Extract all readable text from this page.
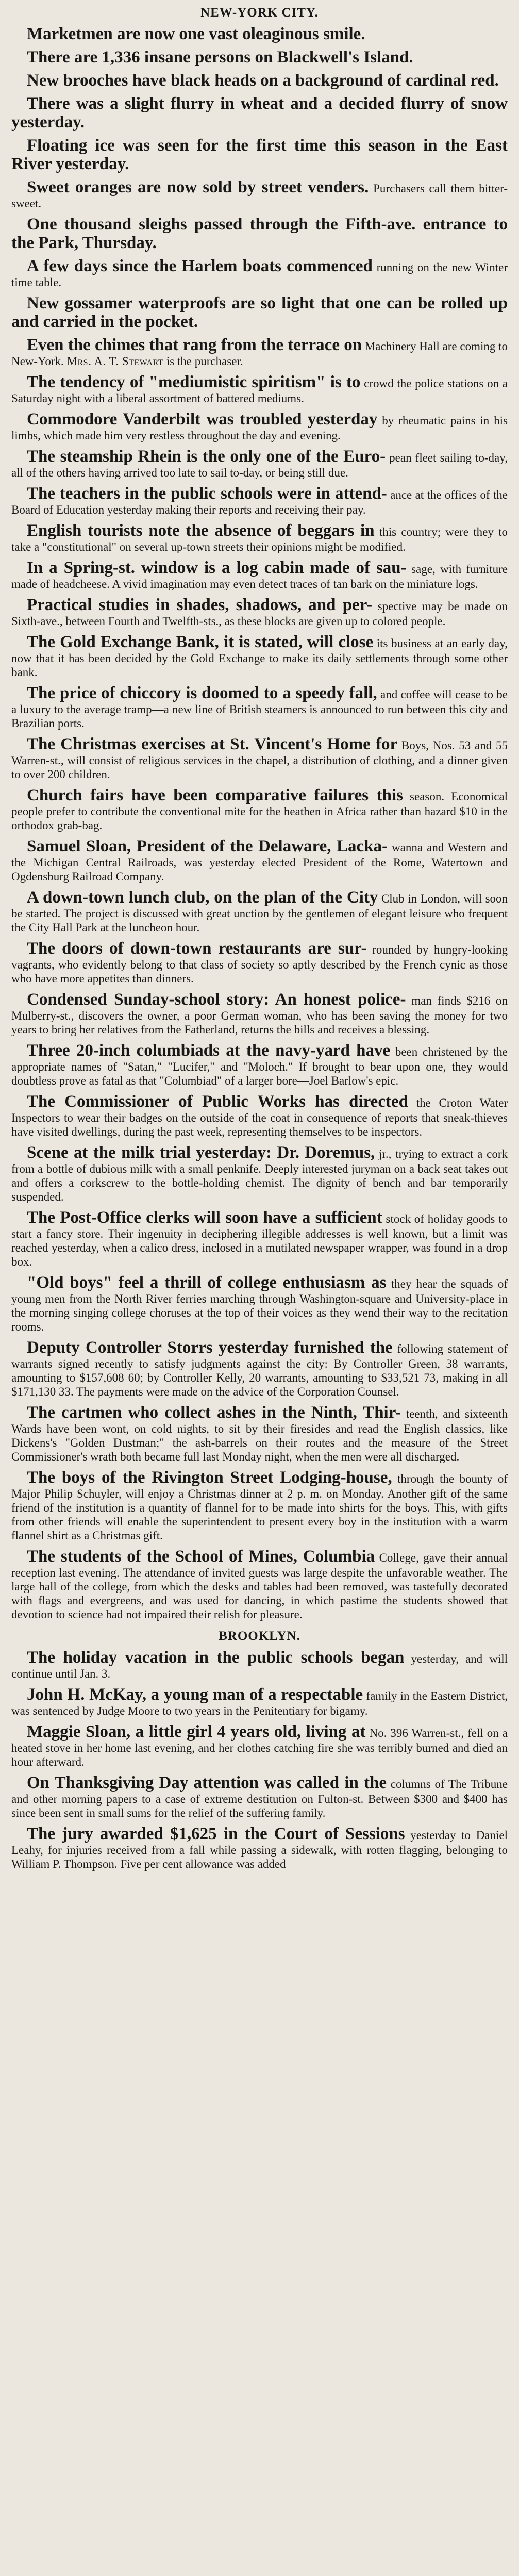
NEW-YORK CITY.

Marketmen are now one vast oleaginous smile.

There are 1,336 insane persons on Blackwell's Island.

New brooches have black heads on a background of cardinal red.

There was a slight flurry in wheat and a decided flurry of snow yesterday.

Floating ice was seen for the first time this season in the East River yesterday.

Sweet oranges are now sold by street venders. Purchasers call them bitter-sweet.

One thousand sleighs passed through the Fifth-ave. entrance to the Park, Thursday.

A few days since the Harlem boats commenced running on the new Winter time table.

New gossamer waterproofs are so light that one can be rolled up and carried in the pocket.

Even the chimes that rang from the terrace on Machinery Hall are coming to New-York. Mrs. A. T. Stewart is the purchaser.

The tendency of "mediumistic spiritism" is to crowd the police stations on a Saturday night with a liberal assortment of battered mediums.

Commodore Vanderbilt was troubled yesterday by rheumatic pains in his limbs, which made him very restless throughout the day and evening.

The steamship Rhein is the only one of the Euro- pean fleet sailing to-day, all of the others having arrived too late to sail to-day, or being still due.

The teachers in the public schools were in attend- ance at the offices of the Board of Education yesterday making their reports and receiving their pay.

English tourists note the absence of beggars in this country; were they to take a "constitutional" on several up-town streets their opinions might be modified.

In a Spring-st. window is a log cabin made of sau- sage, with furniture made of headcheese. A vivid imagination may even detect traces of tan bark on the miniature logs.

Practical studies in shades, shadows, and per- spective may be made on Sixth-ave., between Fourth and Twelfth-sts., as these blocks are given up to colored people.

The Gold Exchange Bank, it is stated, will close its business at an early day, now that it has been decided by the Gold Exchange to make its daily settlements through some other bank.

The price of chiccory is doomed to a speedy fall, and coffee will cease to be a luxury to the average tramp—a new line of British steamers is announced to run between this city and Brazilian ports.

The Christmas exercises at St. Vincent's Home for Boys, Nos. 53 and 55 Warren-st., will consist of religious services in the chapel, a distribution of clothing, and a dinner given to over 200 children.

Church fairs have been comparative failures this season. Economical people prefer to contribute the conventional mite for the heathen in Africa rather than hazard $10 in the orthodox grab-bag.

Samuel Sloan, President of the Delaware, Lacka- wanna and Western and the Michigan Central Railroads, was yesterday elected President of the Rome, Watertown and Ogdensburg Railroad Company.

A down-town lunch club, on the plan of the City Club in London, will soon be started. The project is discussed with great unction by the gentlemen of elegant leisure who frequent the City Hall Park at the luncheon hour.

The doors of down-town restaurants are sur- rounded by hungry-looking vagrants, who evidently belong to that class of society so aptly described by the French cynic as those who have more appetites than dinners.

Condensed Sunday-school story: An honest police- man finds $216 on Mulberry-st., discovers the owner, a poor German woman, who has been saving the money for two years to bring her relatives from the Fatherland, returns the bills and receives a blessing.

Three 20-inch columbiads at the navy-yard have been christened by the appropriate names of "Satan," "Lucifer," and "Moloch." If brought to bear upon one, they would doubtless prove as fatal as that "Columbiad" of a larger bore—Joel Barlow's epic.

The Commissioner of Public Works has directed the Croton Water Inspectors to wear their badges on the outside of the coat in consequence of reports that sneak-thieves have visited dwellings, during the past week, representing themselves to be inspectors.

Scene at the milk trial yesterday: Dr. Doremus, jr., trying to extract a cork from a bottle of dubious milk with a small penknife. Deeply interested juryman on a back seat takes out and offers a corkscrew to the bottle-holding chemist. The dignity of bench and bar temporarily suspended.

The Post-Office clerks will soon have a sufficient stock of holiday goods to start a fancy store. Their ingenuity in deciphering illegible addresses is well known, but a limit was reached yesterday, when a calico dress, inclosed in a mutilated newspaper wrapper, was found in a drop box.

"Old boys" feel a thrill of college enthusiasm as they hear the squads of young men from the North River ferries marching through Washington-square and University-place in the morning singing college choruses at the top of their voices as they wend their way to the recitation rooms.

Deputy Controller Storrs yesterday furnished the following statement of warrants signed recently to satisfy judgments against the city: By Controller Green, 38 warrants, amounting to $157,608 60; by Controller Kelly, 20 warrants, amounting to $33,521 73, making in all $171,130 33. The payments were made on the advice of the Corporation Counsel.

The cartmen who collect ashes in the Ninth, Thir- teenth, and sixteenth Wards have been wont, on cold nights, to sit by their firesides and read the English classics, like Dickens's "Golden Dustman;" the ash-barrels on their routes and the measure of the Street Commissioner's wrath both became full last Monday night, when the men were all discharged.

The boys of the Rivington Street Lodging-house, through the bounty of Major Philip Schuyler, will enjoy a Christmas dinner at 2 p. m. on Monday. Another gift of the same friend of the institution is a quantity of flannel for to be made into shirts for the boys. This, with gifts from other friends will enable the superintendent to present every boy in the institution with a warm flannel shirt as a Christmas gift.

The students of the School of Mines, Columbia College, gave their annual reception last evening. The attendance of invited guests was large despite the unfavorable weather. The large hall of the college, from which the desks and tables had been removed, was tastefully decorated with flags and evergreens, and was used for dancing, in which pastime the students showed that devotion to science had not impaired their relish for pleasure.

BROOKLYN.

The holiday vacation in the public schools began yesterday, and will continue until Jan. 3.

John H. McKay, a young man of a respectable family in the Eastern District, was sentenced by Judge Moore to two years in the Penitentiary for bigamy.

Maggie Sloan, a little girl 4 years old, living at No. 396 Warren-st., fell on a heated stove in her home last evening, and her clothes catching fire she was terribly burned and died an hour afterward.

On Thanksgiving Day attention was called in the columns of The Tribune and other morning papers to a case of extreme destitution on Fulton-st. Between $300 and $400 has since been sent in small sums for the relief of the suffering family.

The jury awarded $1,625 in the Court of Sessions yesterday to Daniel Leahy, for injuries received from a fall while passing a sidewalk, with rotten flagging, belonging to William P. Thompson. Five per cent allowance was added
